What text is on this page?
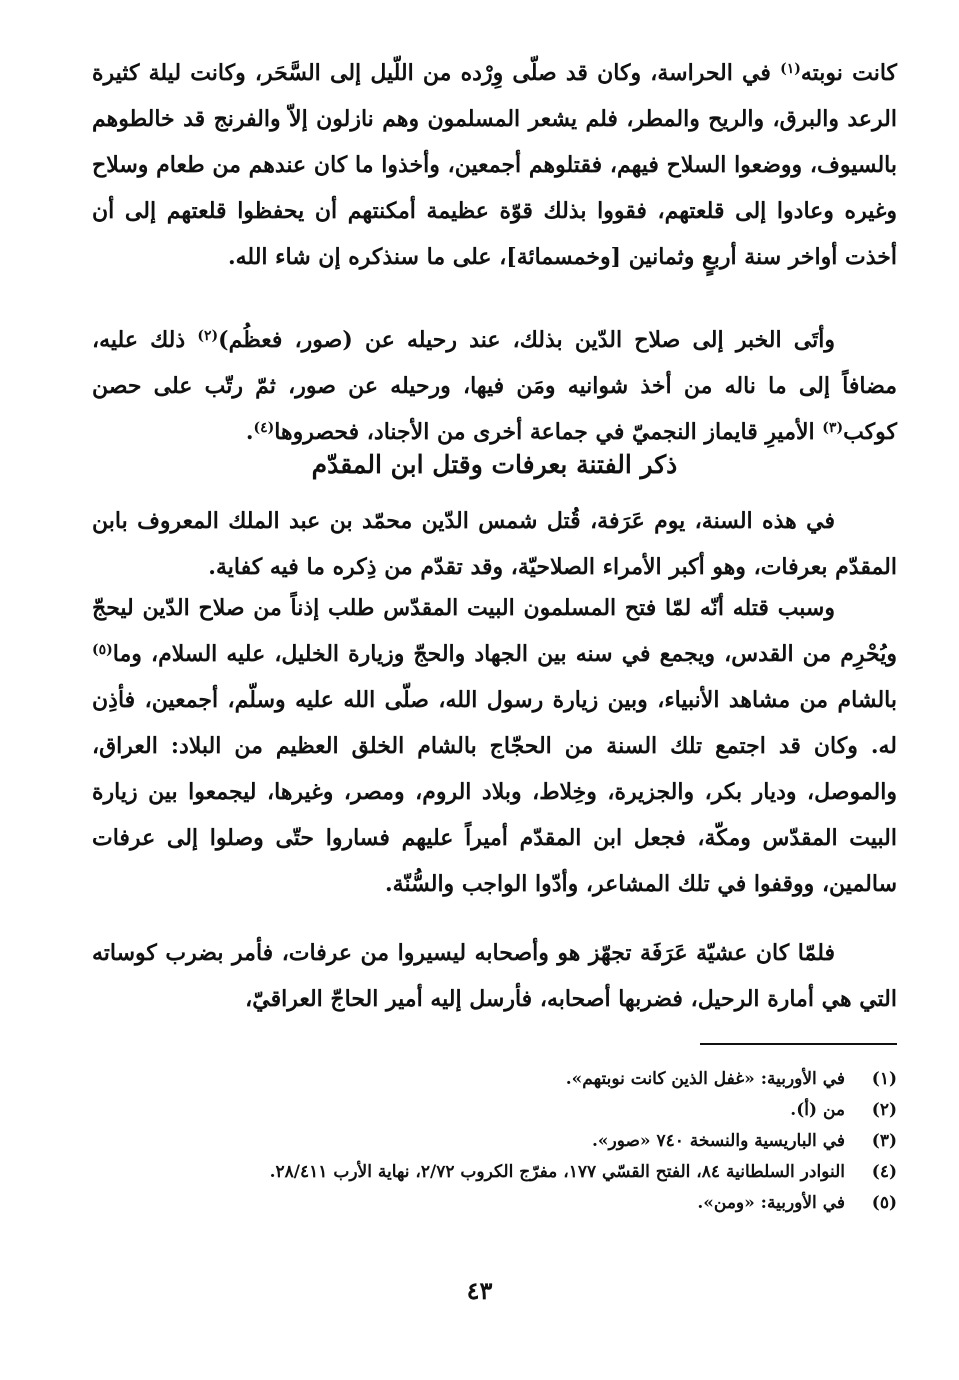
كانت نوبته$^{(١)}$ في الحراسة، وكان قد صلّى وِرْده من اللّيل إلى السَّحَر، وكانت ليلة كثيرة الرعد والبرق، والريح والمطر، فلم يشعر المسلمون وهم نازلون إلاّ والفرنج قد خالطوهم بالسيوف، ووضعوا السلاح فيهم، فقتلوهم أجمعين، وأخذوا ما كان عندهم من طعام وسلاح وغيره وعادوا إلى قلعتهم، فقووا بذلك قوّة عظيمة أمكنتهم أن يحفظوا قلعتهم إلى أن أخذت أواخر سنة أربعٍ وثمانين [وخمسمائة]، على ما سنذكره إن شاء الله.
وأتَى الخبر إلى صلاح الدّين بذلك، عند رحيله عن (صور، فعظُم)$^{(٢)}$ ذلك عليه، مضافاً إلى ما ناله من أخذ شوانيه ومَن فيها، ورحيله عن صور، ثمّ رتّب على حصن كوكب$^{(٣)}$ الأميرِ قايماز النجميّ في جماعة أخرى من الأجناد، فحصروها$^{(٤)}$.
ذكر الفتنة بعرفات وقتل ابن المقدّم
في هذه السنة، يوم عَرَفة، قُتل شمس الدّين محمّد بن عبد الملك المعروف بابن المقدّم بعرفات، وهو أكبر الأمراء الصلاحيّة، وقد تقدّم من ذِكره ما فيه كفاية.
وسبب قتله أنّه لمّا فتح المسلمون البيت المقدّس طلب إذناً من صلاح الدّين ليحجّ ويُحْرِم من القدس، ويجمع في سنه بين الجهاد والحجّ وزيارة الخليل، عليه السلام، وما$^{(٥)}$ بالشام من مشاهد الأنبياء، وبين زيارة رسول الله، صلّى الله عليه وسلّم، أجمعين، فأذِن له. وكان قد اجتمع تلك السنة من الحجّاج بالشام الخلق العظيم من البلاد: العراق، والموصل، وديار بكر، والجزيرة، وخِلاط، وبلاد الروم، ومصر، وغيرها، ليجمعوا بين زيارة البيت المقدّس ومكّة، فجعل ابن المقدّم أميراً عليهم فساروا حتّى وصلوا إلى عرفات سالمين، ووقفوا في تلك المشاعر، وأدّوا الواجب والسُّنّة.
فلمّا كان عشيّة عَرَفَة تجهّز هو وأصحابه ليسيروا من عرفات، فأمر بضرب كوساته التي هي أمارة الرحيل، فضربها أصحابه، فأرسل إليه أمير الحاجّ العراقيّ،
(١)
في الأوربية: «غفل الذين كانت نوبتهم».
(٢)
من (أ).
(٣)
في الباريسية والنسخة ٧٤٠ «صور».
(٤)
النوادر السلطانية ٨٤، الفتح القسّي ١٧٧، مفرّج الكروب ٢/٧٢، نهاية الأرب ٢٨/٤١١.
(٥)
في الأوربية: «ومن».
٤٣
